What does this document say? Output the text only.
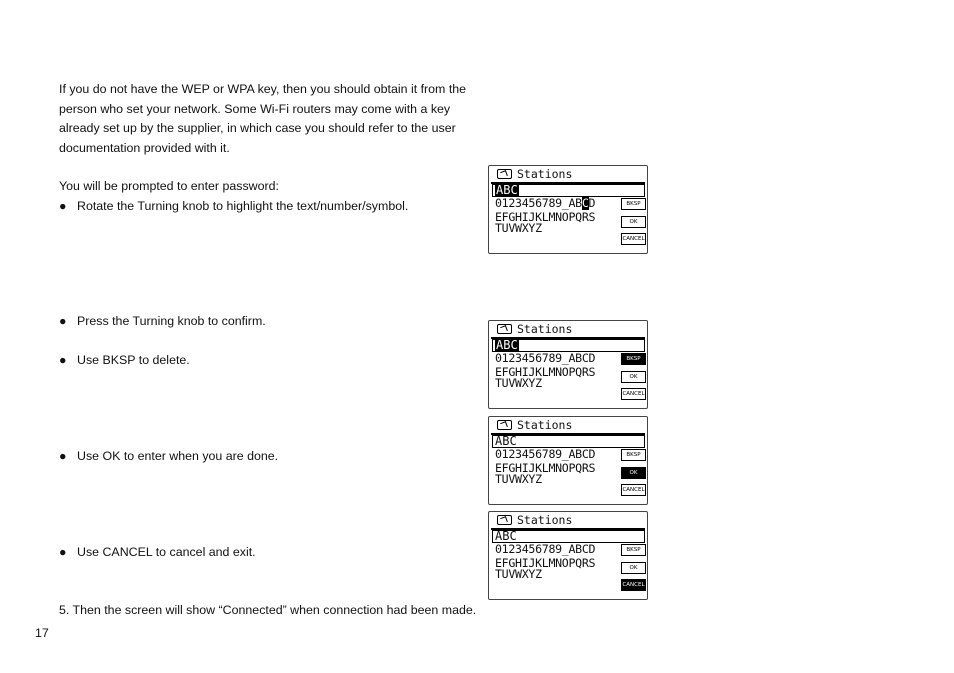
If you do not have the WEP or WPA key, then you should obtain it from the person who set your network. Some Wi-Fi routers may come with a key already set up by the supplier, in which case you should refer to the user documentation provided with it.

You will be prompted to enter password:

● Rotate the Turning knob to highlight the text/number/symbol.
● Press the Turning knob to confirm.
● Use BKSP to delete.
● Use OK to enter when you are done.
● Use CANCEL to cancel and exit.
5. Then the screen will show “Connected” when connection had been made.
17
Stations
ABC
0123456789_ABCD
EFGHIJKLMNOPQRS
TUVWXYZ
BKSP
OK
CANCEL
Stations
ABC
0123456789_ABCD
EFGHIJKLMNOPQRS
TUVWXYZ
BKSP
OK
CANCEL
Stations
ABC
0123456789_ABCD
EFGHIJKLMNOPQRS
TUVWXYZ
BKSP
OK
CANCEL
Stations
ABC
0123456789_ABCD
EFGHIJKLMNOPQRS
TUVWXYZ
BKSP
OK
CANCEL
